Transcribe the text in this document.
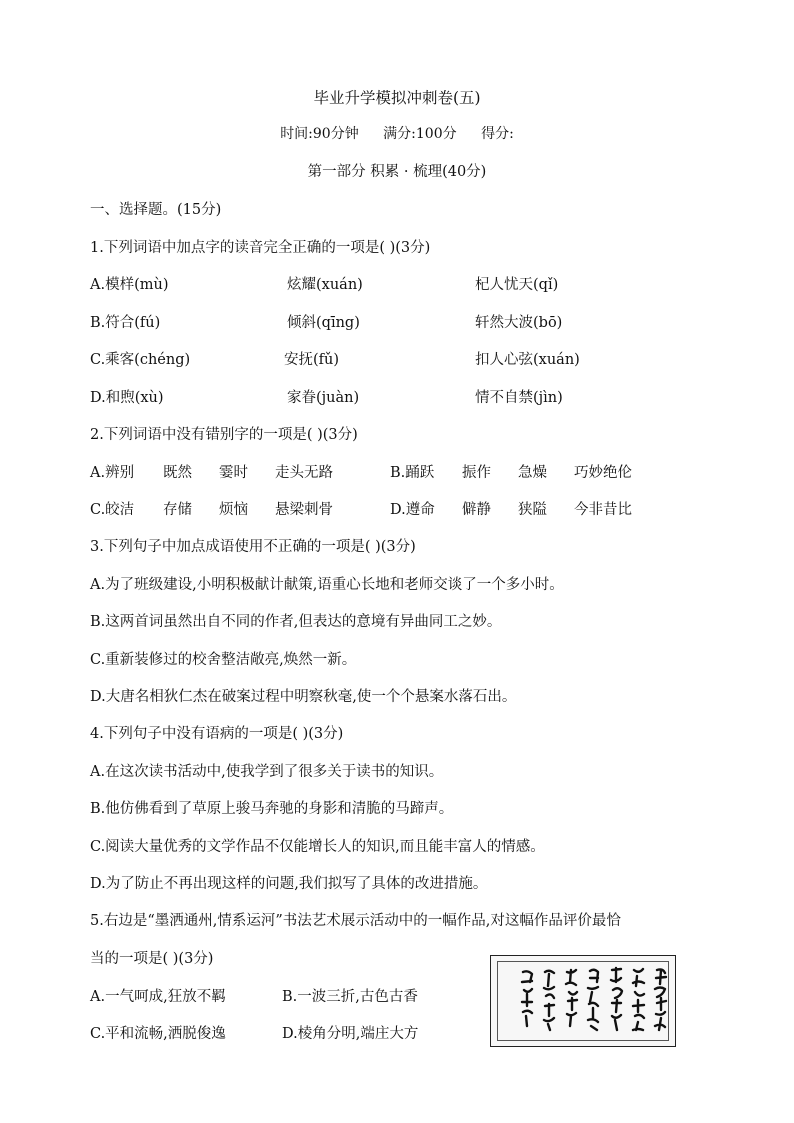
毕业升学模拟冲刺卷(五)
时间:90分钟 满分:100分 得分:
第一部分 积累 · 梳理(40分)
一、选择题。(15分)
1.下列词语中加点字的读音完全正确的一项是( )(3分)
A.模样(mù)	炫耀(xuán)	杞人忧天(qǐ)
B.符合(fú)	倾斜(qīng)	轩然大波(bō)
C.乘客(chéng)	安抚(fǔ)	扣人心弦(xuán)
D.和煦(xù)	家眷(juàn)	情不自禁(jìn)
2.下列词语中没有错别字的一项是( )(3分)
A.辨别 既然 霎时 走头无路	B.踊跃 振作 急燥 巧妙绝伦
C.皎洁 存储 烦恼 悬梁刺骨	D.遵命 僻静 狭隘 今非昔比
3.下列句子中加点成语使用不正确的一项是( )(3分)
A.为了班级建设,小明积极献计献策,语重心长地和老师交谈了一个多小时。
B.这两首词虽然出自不同的作者,但表达的意境有异曲同工之妙。
C.重新装修过的校舍整洁敞亮,焕然一新。
D.大唐名相狄仁杰在破案过程中明察秋毫,使一个个悬案水落石出。
4.下列句子中没有语病的一项是( )(3分)
A.在这次读书活动中,使我学到了很多关于读书的知识。
B.他仿佛看到了草原上骏马奔驰的身影和清脆的马蹄声。
C.阅读大量优秀的文学作品不仅能增长人的知识,而且能丰富人的情感。
D.为了防止不再出现这样的问题,我们拟写了具体的改进措施。
5.右边是“墨洒通州,情系运河”书法艺术展示活动中的一幅作品,对这幅作品评价最恰
当的一项是( )(3分)
A.一气呵成,狂放不羁	B.一波三折,古色古香
C.平和流畅,洒脱俊逸	D.棱角分明,端庄大方
